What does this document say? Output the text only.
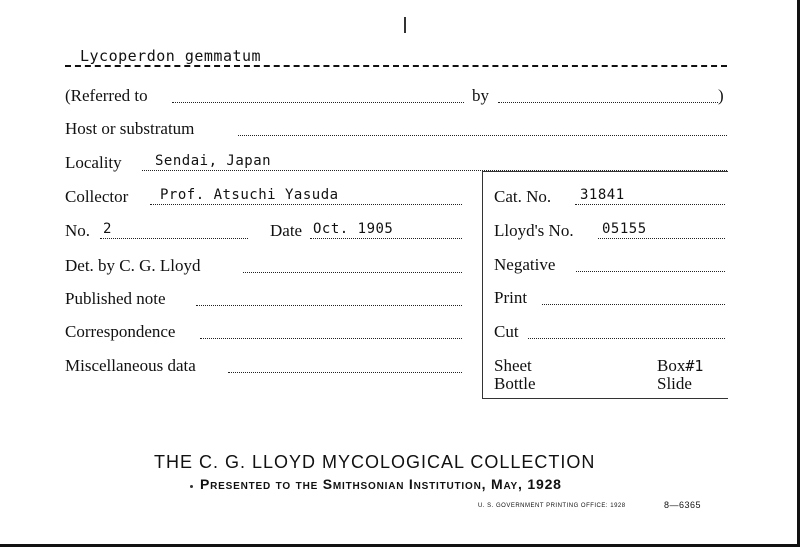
Lycoperdon gemmatum
(Referred to	by	)
Host or substratum
Locality Sendai, Japan
Collector Prof. Atsuchi Yasuda
No. 2	Date Oct. 1905
Det. by C. G. Lloyd
Published note
Correspondence
Miscellaneous data
Cat. No. 31841
Lloyd's No. 05155
Negative
Print
Cut
Sheet	Box#1
Bottle	Slide
THE C. G. LLOYD MYCOLOGICAL COLLECTION
Presented to the Smithsonian Institution, May, 1928
U. S. GOVERNMENT PRINTING OFFICE: 1928	8—6365
